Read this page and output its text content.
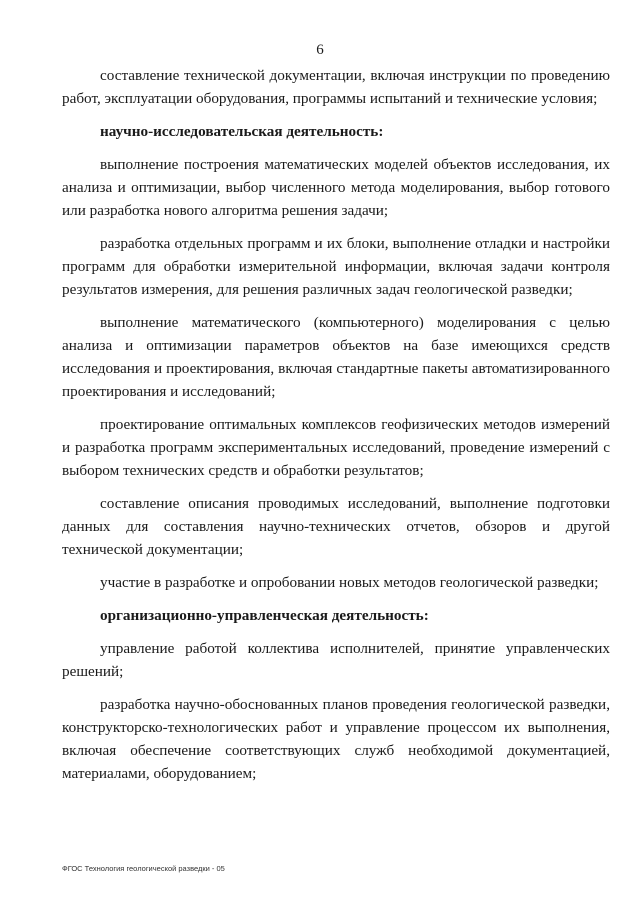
6

составление технической документации, включая инструкции по проведению работ, эксплуатации оборудования, программы испытаний и технические условия;

научно-исследовательская деятельность:

выполнение построения математических моделей объектов исследования, их анализа и оптимизации, выбор численного метода моделирования, выбор готового или разработка нового алгоритма решения задачи;

разработка отдельных программ и их блоки, выполнение отладки и настройки программ для обработки измерительной информации, включая задачи контроля результатов измерения, для решения различных задач геологической разведки;

выполнение математического (компьютерного) моделирования с целью анализа и оптимизации параметров объектов на базе имеющихся средств исследования и проектирования, включая стандартные пакеты автоматизированного проектирования и исследований;

проектирование оптимальных комплексов геофизических методов измерений и разработка программ экспериментальных исследований, проведение измерений с выбором технических средств и обработки результатов;

составление описания проводимых исследований, выполнение подготовки данных для составления научно-технических отчетов, обзоров и другой технической документации;

участие в разработке и опробовании новых методов геологической разведки;

организационно-управленческая деятельность:

управление работой коллектива исполнителей, принятие управленческих решений;

разработка научно-обоснованных планов проведения геологической разведки, конструкторско-технологических работ и управление процессом их выполнения, включая обеспечение соответствующих служб необходимой документацией, материалами, оборудованием;

ФГОС Технология геологической разведки - 05
